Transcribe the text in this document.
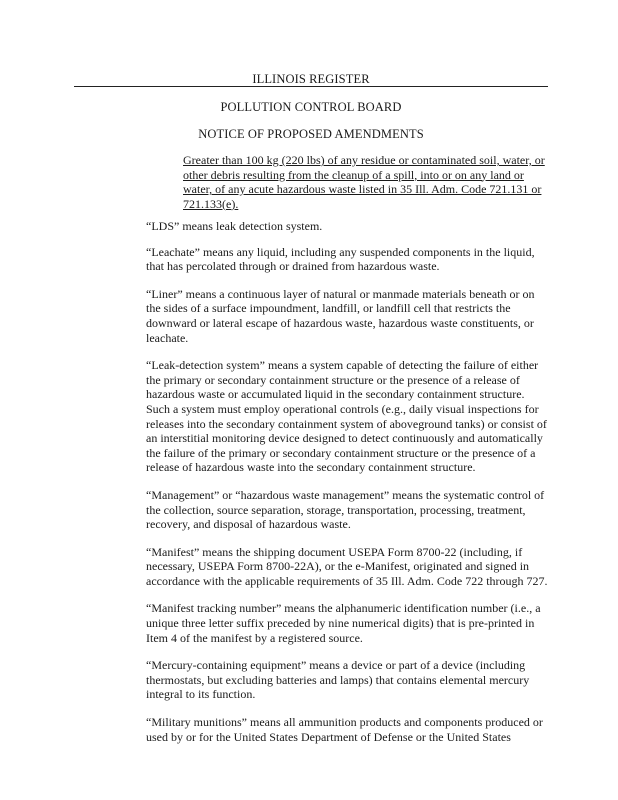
ILLINOIS REGISTER
POLLUTION CONTROL BOARD
NOTICE OF PROPOSED AMENDMENTS
Greater than 100 kg (220 lbs) of any residue or contaminated soil, water, or other debris resulting from the cleanup of a spill, into or on any land or water, of any acute hazardous waste listed in 35 Ill. Adm. Code 721.131 or 721.133(e).

“LDS” means leak detection system.

“Leachate” means any liquid, including any suspended components in the liquid, that has percolated through or drained from hazardous waste.

“Liner” means a continuous layer of natural or manmade materials beneath or on the sides of a surface impoundment, landfill, or landfill cell that restricts the downward or lateral escape of hazardous waste, hazardous waste constituents, or leachate.

“Leak-detection system” means a system capable of detecting the failure of either the primary or secondary containment structure or the presence of a release of hazardous waste or accumulated liquid in the secondary containment structure. Such a system must employ operational controls (e.g., daily visual inspections for releases into the secondary containment system of aboveground tanks) or consist of an interstitial monitoring device designed to detect continuously and automatically the failure of the primary or secondary containment structure or the presence of a release of hazardous waste into the secondary containment structure.

“Management” or “hazardous waste management” means the systematic control of the collection, source separation, storage, transportation, processing, treatment, recovery, and disposal of hazardous waste.

“Manifest” means the shipping document USEPA Form 8700-22 (including, if necessary, USEPA Form 8700-22A), or the e-Manifest, originated and signed in accordance with the applicable requirements of 35 Ill. Adm. Code 722 through 727.

“Manifest tracking number” means the alphanumeric identification number (i.e., a unique three letter suffix preceded by nine numerical digits) that is pre-printed in Item 4 of the manifest by a registered source.

“Mercury-containing equipment” means a device or part of a device (including thermostats, but excluding batteries and lamps) that contains elemental mercury integral to its function.

“Military munitions” means all ammunition products and components produced or used by or for the United States Department of Defense or the United States
